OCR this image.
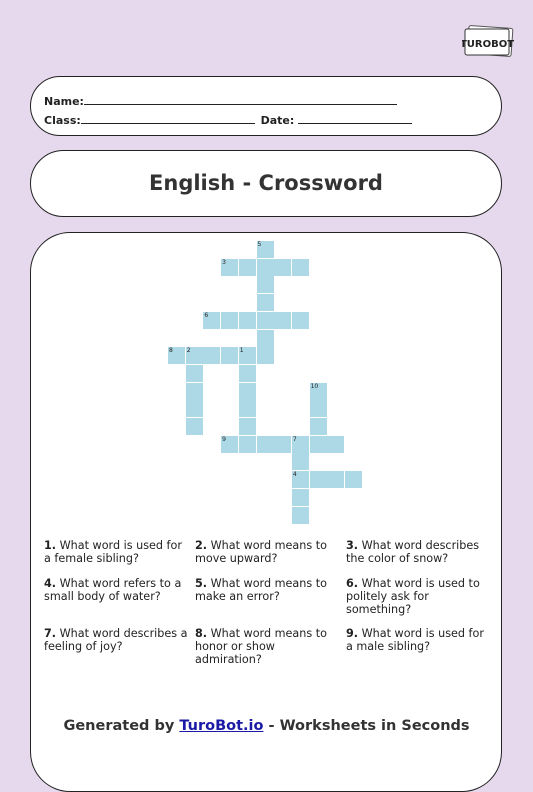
TUROBOT
Name:
Class:	Date:
English - Crossword
5
3
6
8 2	1
10
9	7
4
1. What word is used for a female sibling?
2. What word means to move upward?
3. What word describes the color of snow?
4. What word refers to a small body of water?
5. What word means to make an error?
6. What word is used to politely ask for something?
7. What word describes a feeling of joy?
8. What word means to honor or show admiration?
9. What word is used for a male sibling?
Generated by TuroBot.io - Worksheets in Seconds
